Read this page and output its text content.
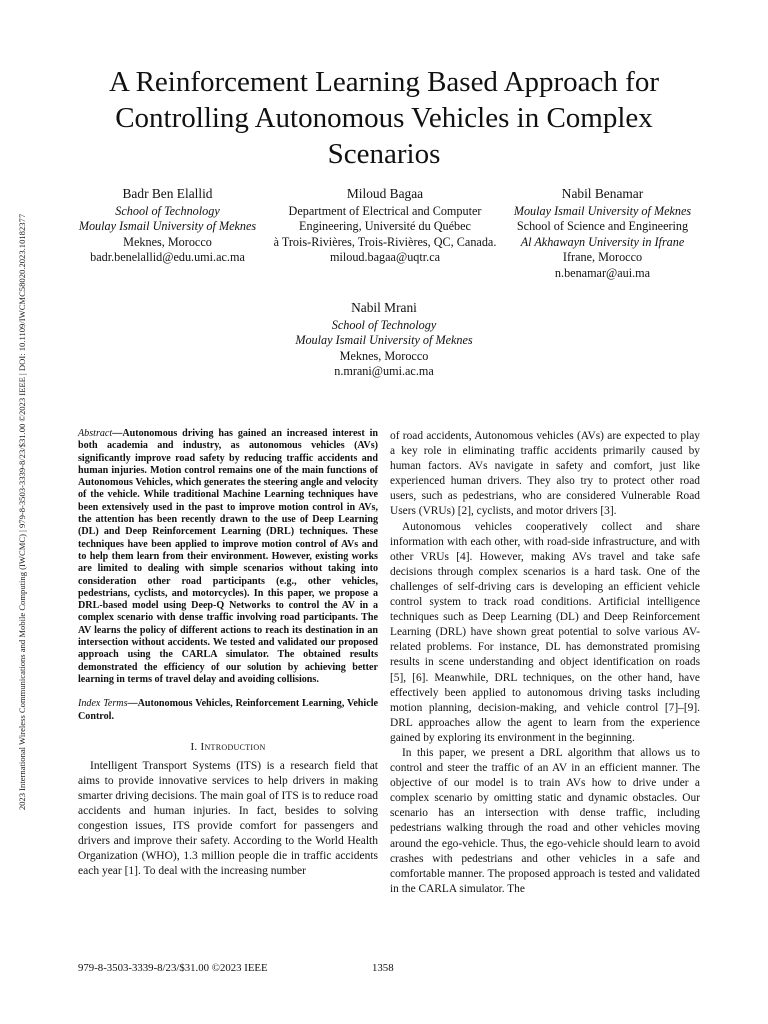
2023 International Wireless Communications and Mobile Computing (IWCMC) | 979-8-3503-3339-8/23/$31.00 ©2023 IEEE | DOI: 10.1109/IWCMC58020.2023.10182377
A Reinforcement Learning Based Approach for Controlling Autonomous Vehicles in Complex Scenarios
Badr Ben Elallid
School of Technology
Moulay Ismail University of Meknes
Meknes, Morocco
badr.benelallid@edu.umi.ac.ma
Miloud Bagaa
Department of Electrical and Computer
Engineering, Université du Québec
à Trois-Rivières, Trois-Rivières, QC, Canada.
miloud.bagaa@uqtr.ca
Nabil Benamar
Moulay Ismail University of Meknes
School of Science and Engineering
Al Akhawayn University in Ifrane
Ifrane, Morocco
n.benamar@aui.ma
Nabil Mrani
School of Technology
Moulay Ismail University of Meknes
Meknes, Morocco
n.mrani@umi.ac.ma

Abstract—Autonomous driving has gained an increased interest in both academia and industry, as autonomous vehicles (AVs) significantly improve road safety by reducing traffic accidents and human injuries. Motion control remains one of the main functions of Autonomous Vehicles, which generates the steering angle and velocity of the vehicle. While traditional Machine Learning techniques have been extensively used in the past to improve motion control in AVs, the attention has been recently drawn to the use of Deep Learning (DL) and Deep Reinforcement Learning (DRL) techniques. These techniques have been applied to improve motion control of AVs and to help them learn from their environment. However, existing works are limited to dealing with simple scenarios without taking into consideration other road participants (e.g., other vehicles, pedestrians, cyclists, and motorcycles). In this paper, we propose a DRL-based model using Deep-Q Networks to control the AV in a complex scenario with dense traffic involving road participants. The AV learns the policy of different actions to reach its destination in an intersection without accidents. We tested and validated our proposed approach using the CARLA simulator. The obtained results demonstrated the efficiency of our solution by achieving better learning in terms of travel delay and avoiding collisions.

Index Terms—Autonomous Vehicles, Reinforcement Learning, Vehicle Control.

I. Introduction

Intelligent Transport Systems (ITS) is a research field that aims to provide innovative services to help drivers in making smarter driving decisions. The main goal of ITS is to reduce road accidents and human injuries. In fact, besides to solving congestion issues, ITS provide comfort for passengers and drivers and improve their safety. According to the World Health Organization (WHO), 1.3 million people die in traffic accidents each year [1]. To deal with the increasing number

of road accidents, Autonomous vehicles (AVs) are expected to play a key role in eliminating traffic accidents primarily caused by human factors. AVs navigate in safety and comfort, just like experienced human drivers. They also try to protect other road users, such as pedestrians, who are considered Vulnerable Road Users (VRUs) [2], cyclists, and motor drivers [3].

Autonomous vehicles cooperatively collect and share information with each other, with road-side infrastructure, and with other VRUs [4]. However, making AVs travel and take safe decisions through complex scenarios is a hard task. One of the challenges of self-driving cars is developing an efficient vehicle control system to track road conditions. Artificial intelligence techniques such as Deep Learning (DL) and Deep Reinforcement Learning (DRL) have shown great potential to solve various AV-related problems. For instance, DL has demonstrated promising results in scene understanding and object identification on roads [5], [6]. Meanwhile, DRL techniques, on the other hand, have effectively been applied to autonomous driving tasks including motion planning, decision-making, and vehicle control [7]–[9]. DRL approaches allow the agent to learn from the experience gained by exploring its environment in the beginning.

In this paper, we present a DRL algorithm that allows us to control and steer the traffic of an AV in an efficient manner. The objective of our model is to train AVs how to drive under a complex scenario by omitting static and dynamic obstacles. Our scenario has an intersection with dense traffic, including pedestrians walking through the road and other vehicles moving around the ego-vehicle. Thus, the ego-vehicle should learn to avoid crashes with pedestrians and other vehicles in a safe and comfortable manner. The proposed approach is tested and validated in the CARLA simulator. The

979-8-3503-3339-8/23/$31.00 ©2023 IEEE	1358
